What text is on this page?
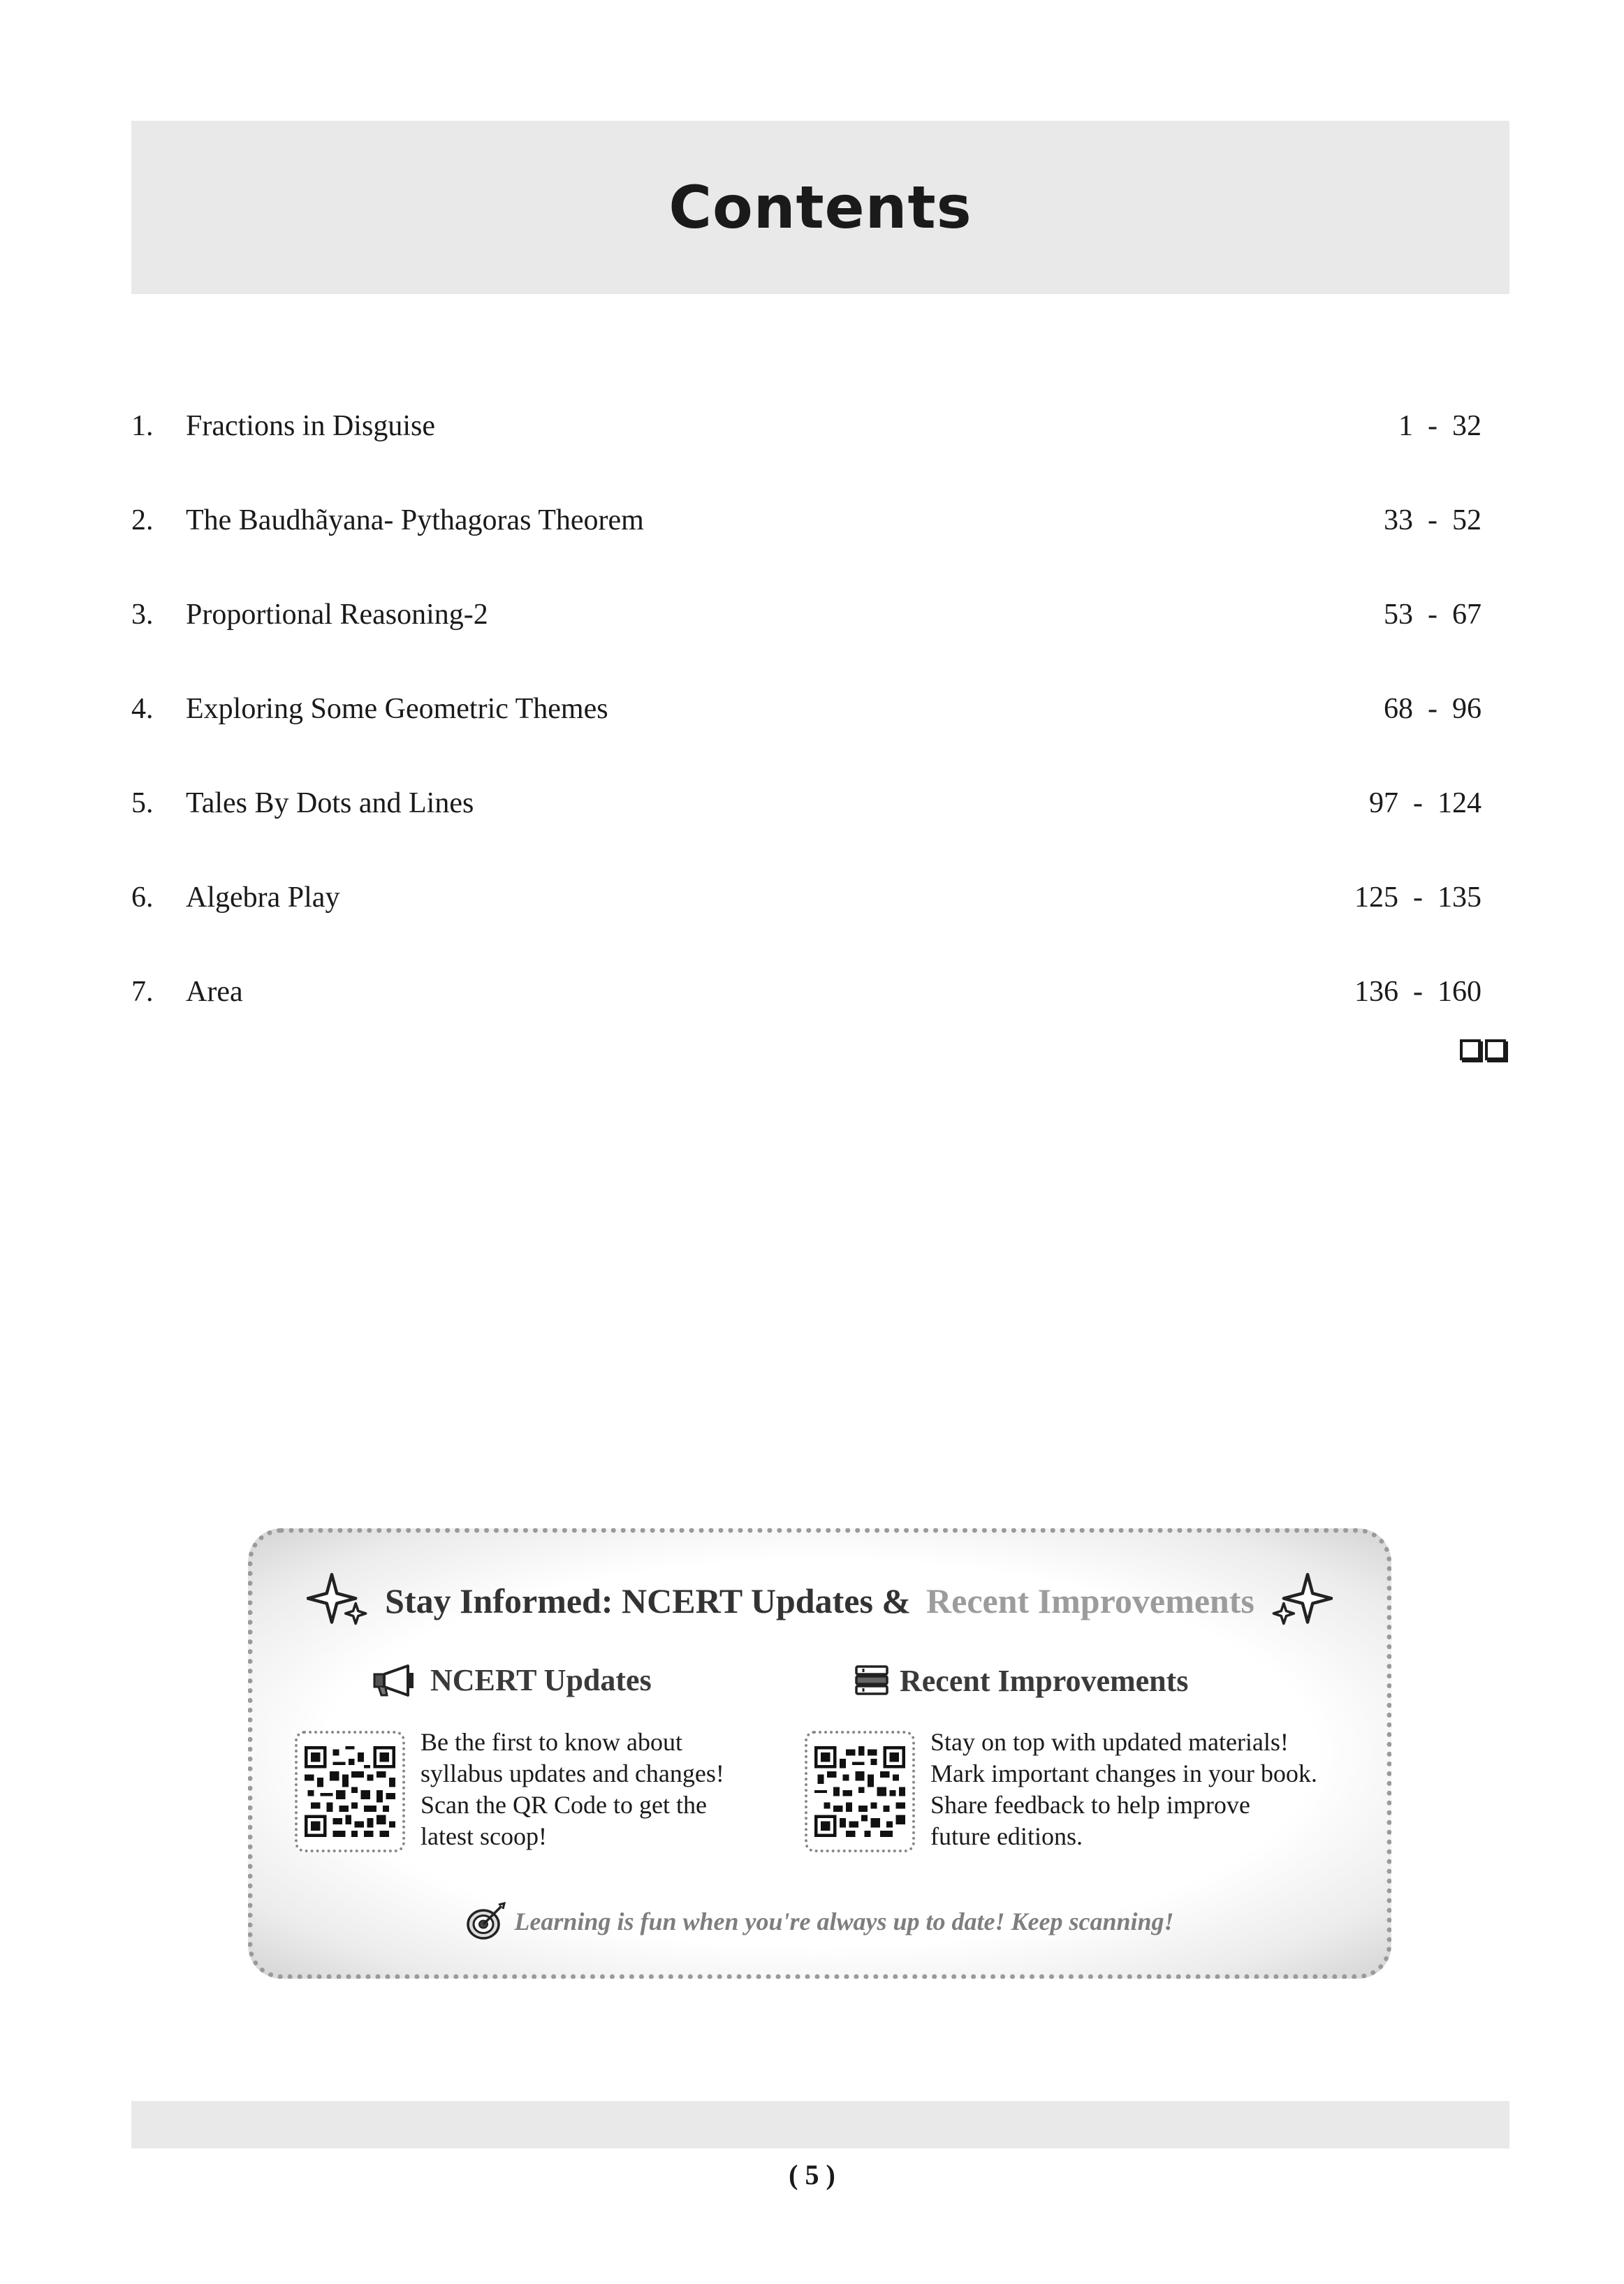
Contents
1. Fractions in Disguise	1  -  32
2. The Baudhãyana- Pythagoras Theorem	33  -  52
3. Proportional Reasoning-2	53  -  67
4. Exploring Some Geometric Themes	68  -  96
5. Tales By Dots and Lines	97  -  124
6. Algebra Play	125  -  135
7. Area	136  -  160
Stay Informed: NCERT Updates & Recent Improvements
NCERT Updates
Be the first to know about
syllabus updates and changes!
Scan the QR Code to get the
latest scoop!
Recent Improvements
Stay on top with updated materials!
Mark important changes in your book.
Share feedback to help improve
future editions.
Learning is fun when you're always up to date! Keep scanning!
( 5 )
